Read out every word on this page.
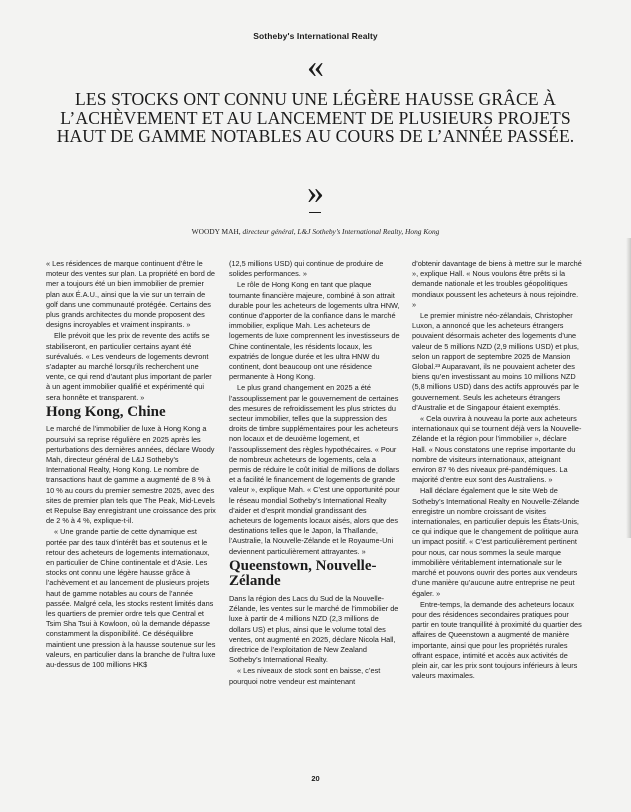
Sotheby's International Realty
«
LES STOCKS ONT CONNU UNE LÉGÈRE HAUSSE GRÂCE À L’ACHÈVEMENT ET AU LANCEMENT DE PLUSIEURS PROJETS HAUT DE GAMME NOTABLES AU COURS DE L’ANNÉE PASSÉE.
»
WOODY MAH, directeur général, L&J Sotheby’s International Realty, Hong Kong

« Les résidences de marque continuent d’être le moteur des ventes sur plan. La propriété en bord de mer a toujours été un bien immobilier de premier plan aux É.A.U., ainsi que la vie sur un terrain de golf dans une communauté protégée. Certains des plus grands architectes du monde proposent des designs incroyables et vraiment inspirants. »

Elle prévoit que les prix de revente des actifs se stabiliseront, en particulier certains ayant été surévalués. « Les vendeurs de logements devront s’adapter au marché lorsqu’ils recherchent une vente, ce qui rend d’autant plus important de parler à un agent immobilier qualifié et expérimenté qui sera honnête et transparent. »

Hong Kong, Chine

Le marché de l’immobilier de luxe à Hong Kong a poursuivi sa reprise régulière en 2025 après les perturbations des dernières années, déclare Woody Mah, directeur général de L&J Sotheby’s International Realty, Hong Kong. Le nombre de transactions haut de gamme a augmenté de 8 % à 10 % au cours du premier semestre 2025, avec des sites de premier plan tels que The Peak, Mid-Levels et Repulse Bay enregistrant une croissance des prix de 2 % à 4 %, explique-t-il.

« Une grande partie de cette dynamique est portée par des taux d’intérêt bas et soutenus et le retour des acheteurs de logements internationaux, en particulier de Chine continentale et d’Asie. Les stocks ont connu une légère hausse grâce à l’achèvement et au lancement de plusieurs projets haut de gamme notables au cours de l’année passée. Malgré cela, les stocks restent limités dans les quartiers de premier ordre tels que Central et Tsim Sha Tsui à Kowloon, où la demande dépasse constamment la disponibilité. Ce déséquilibre maintient une pression à la hausse soutenue sur les valeurs, en particulier dans la branche de l’ultra luxe au-dessus de 100 millions HK$

(12,5 millions USD) qui continue de produire de solides performances. »

Le rôle de Hong Kong en tant que plaque tournante financière majeure, combiné à son attrait durable pour les acheteurs de logements ultra HNW, continue d’apporter de la confiance dans le marché immobilier, explique Mah. Les acheteurs de logements de luxe comprennent les investisseurs de Chine continentale, les résidents locaux, les expatriés de longue durée et les ultra HNW du continent, dont beaucoup ont une résidence permanente à Hong Kong.

Le plus grand changement en 2025 a été l’assouplissement par le gouvernement de certaines des mesures de refroidissement les plus strictes du secteur immobilier, telles que la suppression des droits de timbre supplémentaires pour les acheteurs non locaux et de deuxième logement, et l’assouplissement des règles hypothécaires. « Pour de nombreux acheteurs de logements, cela a permis de réduire le coût initial de millions de dollars et a facilité le financement de logements de grande valeur », explique Mah. « C’est une opportunité pour le réseau mondial Sotheby’s International Realty d’aider et d’esprit mondial grandissant des acheteurs de logements locaux aisés, alors que des destinations telles que le Japon, la Thaïlande, l’Australie, la Nouvelle-Zélande et le Royaume-Uni deviennent particulièrement attrayantes. »

Queenstown, Nouvelle-Zélande

Dans la région des Lacs du Sud de la Nouvelle-Zélande, les ventes sur le marché de l’immobilier de luxe à partir de 4 millions NZD (2,3 millions de dollars US) et plus, ainsi que le volume total des ventes, ont augmenté en 2025, déclare Nicola Hall, directrice de l’exploitation de New Zealand Sotheby’s International Realty.

« Les niveaux de stock sont en baisse, c’est pourquoi notre vendeur est maintenant

d’obtenir davantage de biens à mettre sur le marché », explique Hall. « Nous voulons être prêts si la demande nationale et les troubles géopolitiques mondiaux poussent les acheteurs à nous rejoindre. »

Le premier ministre néo-zélandais, Christopher Luxon, a annoncé que les acheteurs étrangers pouvaient désormais acheter des logements d’une valeur de 5 millions NZD (2,9 millions USD) et plus, selon un rapport de septembre 2025 de Mansion Global.²³ Auparavant, ils ne pouvaient acheter des biens qu’en investissant au moins 10 millions NZD (5,8 millions USD) dans des actifs approuvés par le gouvernement. Seuls les acheteurs étrangers d’Australie et de Singapour étaient exemptés.

« Cela ouvrira à nouveau la porte aux acheteurs internationaux qui se tournent déjà vers la Nouvelle-Zélande et la région pour l’immobilier », déclare Hall. « Nous constatons une reprise importante du nombre de visiteurs internationaux, atteignant environ 87 % des niveaux pré-pandémiques. La majorité d’entre eux sont des Australiens. »

Hall déclare également que le site Web de Sotheby’s International Realty en Nouvelle-Zélande enregistre un nombre croissant de visites internationales, en particulier depuis les États-Unis, ce qui indique que le changement de politique aura un impact positif. « C’est particulièrement pertinent pour nous, car nous sommes la seule marque immobilière véritablement internationale sur le marché et pouvons ouvrir des portes aux vendeurs d’une manière qu’aucune autre entreprise ne peut égaler. »

Entre-temps, la demande des acheteurs locaux pour des résidences secondaires pratiques pour partir en toute tranquillité à proximité du quartier des affaires de Queenstown a augmenté de manière importante, ainsi que pour les propriétés rurales offrant espace, intimité et accès aux activités de plein air, car les prix sont toujours inférieurs à leurs valeurs maximales.

20
